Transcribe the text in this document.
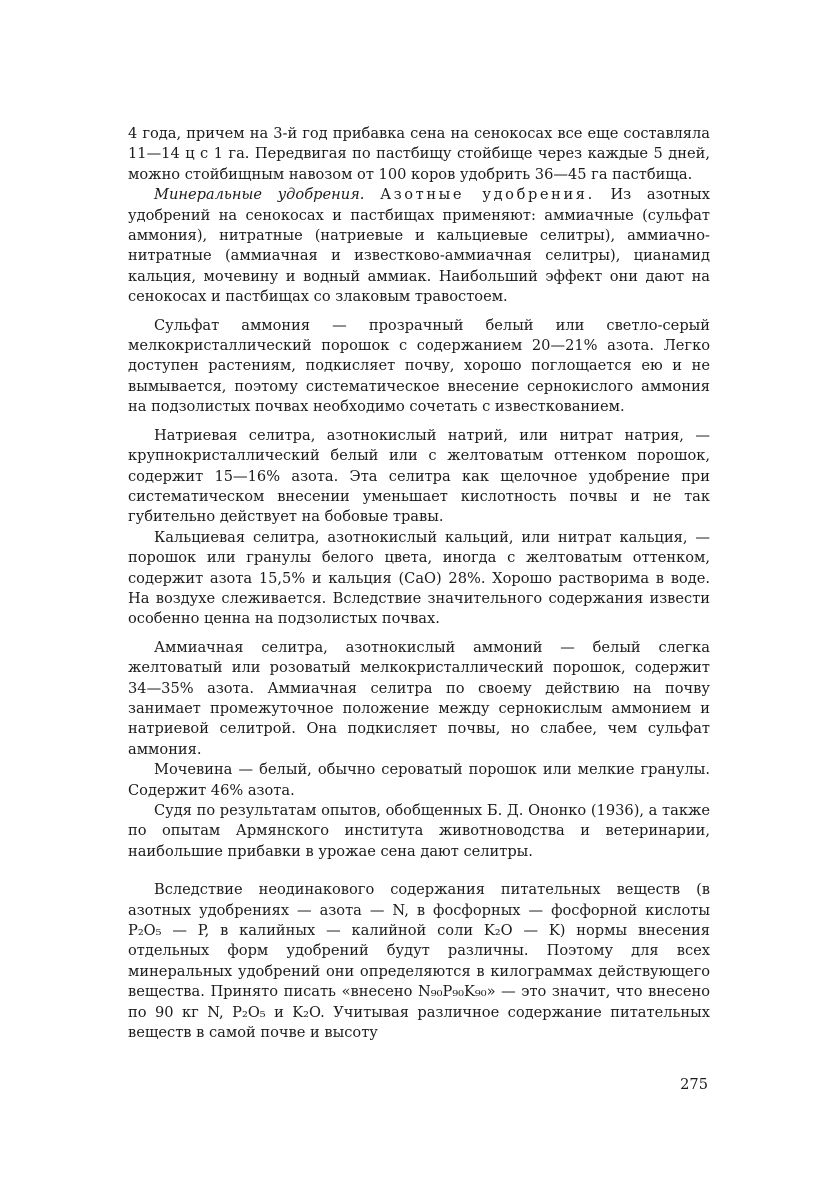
4 года, причем на 3-й год прибавка сена на сенокосах все еще составляла 11—14 ц с 1 га. Передвигая по пастбищу стойбище через каждые 5 дней, можно стойбищным навозом от 100 коров удобрить 36—45 га пастбища.

Минеральные удобрения. Азотные удобрения. Из азотных удобрений на сенокосах и пастбищах применяют: аммиачные (сульфат аммония), нитратные (натриевые и кальциевые селитры), аммиачно-нитратные (аммиачная и известково-аммиачная селитры), цианамид кальция, мочевину и водный аммиак. Наибольший эффект они дают на сенокосах и пастбищах со злаковым травостоем.

Сульфат аммония — прозрачный белый или светло-серый мелкокристаллический порошок с содержанием 20—21% азота. Легко доступен растениям, подкисляет почву, хорошо поглощается ею и не вымывается, поэтому систематическое внесение сернокислого аммония на подзолистых почвах необходимо сочетать с известкованием.

Натриевая селитра, азотнокислый натрий, или нитрат натрия, — крупнокристаллический белый или с желтоватым оттенком порошок, содержит 15—16% азота. Эта селитра как щелочное удобрение при систематическом внесении уменьшает кислотность почвы и не так губительно действует на бобовые травы.

Кальциевая селитра, азотнокислый кальций, или нитрат кальция, — порошок или гранулы белого цвета, иногда с желтоватым оттенком, содержит азота 15,5% и кальция (СаО) 28%. Хорошо растворима в воде. На воздухе слеживается. Вследствие значительного содержания извести особенно ценна на подзолистых почвах.

Аммиачная селитра, азотнокислый аммоний — белый слегка желтоватый или розоватый мелкокристаллический порошок, содержит 34—35% азота. Аммиачная селитра по своему действию на почву занимает промежуточное положение между сернокислым аммонием и натриевой селитрой. Она подкисляет почвы, но слабее, чем сульфат аммония.

Мочевина — белый, обычно сероватый порошок или мелкие гранулы. Содержит 46% азота.

Судя по результатам опытов, обобщенных Б. Д. Ононко (1936), а также по опытам Армянского института животноводства и ветеринарии, наибольшие прибавки в урожае сена дают селитры.

Вследствие неодинакового содержания питательных веществ (в азотных удобрениях — азота — N, в фосфорных — фосфорной кислоты P₂O₅ — P, в калийных — калийной соли K₂O — K) нормы внесения отдельных форм удобрений будут различны. Поэтому для всех минеральных удобрений они определяются в килограммах действующего вещества. Принято писать «внесено N₉₀P₉₀K₉₀» — это значит, что внесено по 90 кг N, P₂O₅ и K₂O. Учитывая различное содержание питательных веществ в самой почве и высоту

275
